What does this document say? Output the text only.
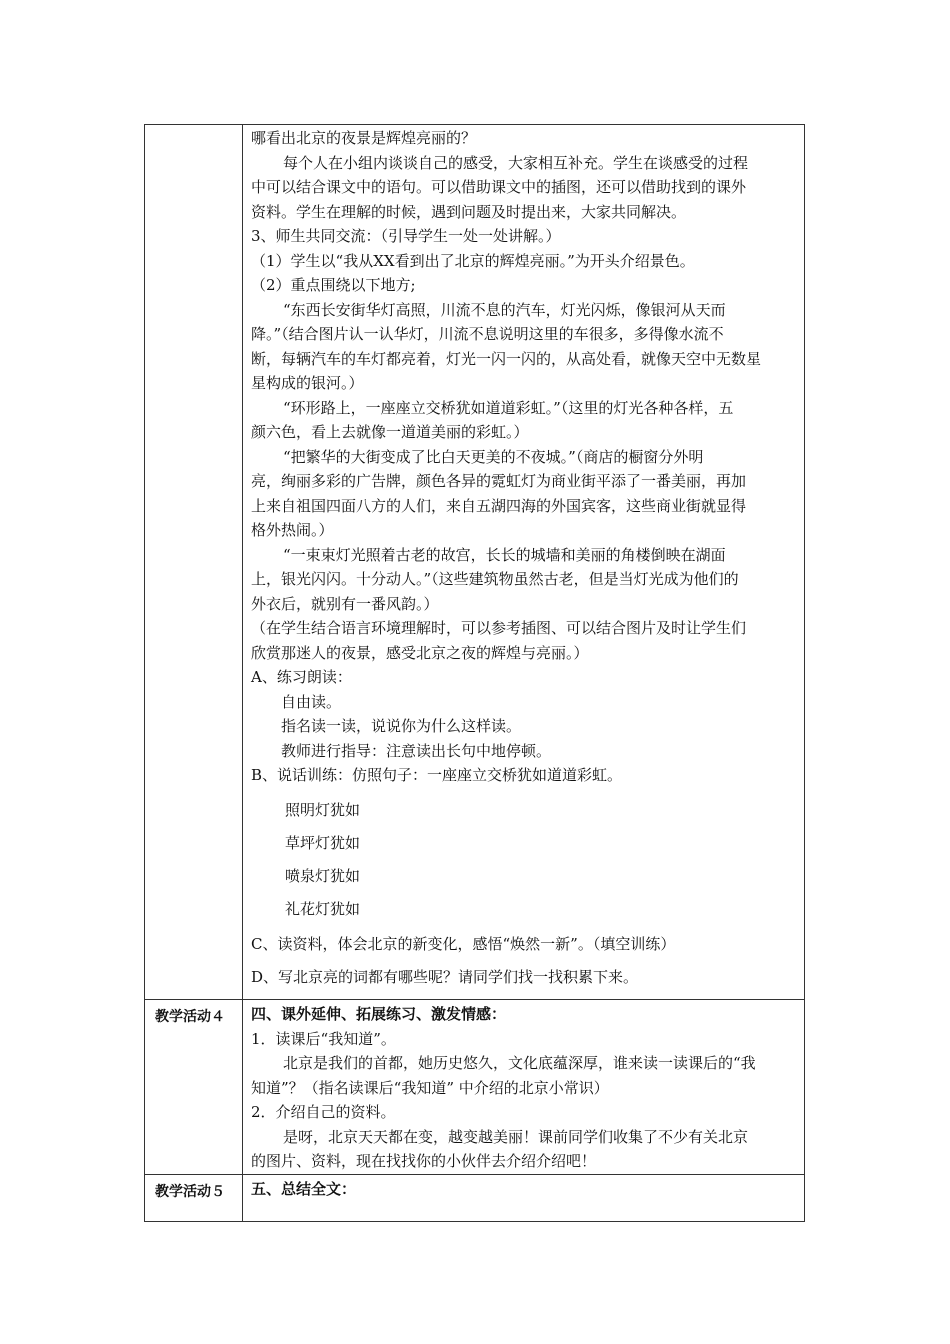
哪看出北京的夜景是辉煌亮丽的？
每个人在小组内谈谈自己的感受，大家相互补充。学生在谈感受的过程
中可以结合课文中的语句。可以借助课文中的插图，还可以借助找到的课外
资料。学生在理解的时候，遇到问题及时提出来，大家共同解决。
3、师生共同交流：（引导学生一处一处讲解。）
（1）学生以“我从XX看到出了北京的辉煌亮丽。”为开头介绍景色。
（2）重点围绕以下地方;
“东西长安街华灯高照，川流不息的汽车，灯光闪烁，像银河从天而
降。”（结合图片认一认华灯，川流不息说明这里的车很多，多得像水流不
断，每辆汽车的车灯都亮着，灯光一闪一闪的，从高处看，就像天空中无数星
星构成的银河。）
“环形路上，一座座立交桥犹如道道彩虹。”（这里的灯光各种各样，五
颜六色，看上去就像一道道美丽的彩虹。）
“把繁华的大街变成了比白天更美的不夜城。”（商店的橱窗分外明
亮，绚丽多彩的广告牌，颜色各异的霓虹灯为商业街平添了一番美丽，再加
上来自祖国四面八方的人们，来自五湖四海的外国宾客，这些商业街就显得
格外热闹。）
“一束束灯光照着古老的故宫，长长的城墙和美丽的角楼倒映在湖面
上，银光闪闪。十分动人。”（这些建筑物虽然古老，但是当灯光成为他们的
外衣后，就别有一番风韵。）
（在学生结合语言环境理解时，可以参考插图、可以结合图片及时让学生们
欣赏那迷人的夜景，感受北京之夜的辉煌与亮丽。）
A、练习朗读：
自由读。
指名读一读，说说你为什么这样读。
教师进行指导：注意读出长句中地停顿。
B、说话训练：仿照句子：一座座立交桥犹如道道彩虹。
照明灯犹如
草坪灯犹如
喷泉灯犹如
礼花灯犹如
C、读资料，体会北京的新变化，感悟“焕然一新”。（填空训练）
D、写北京亮的词都有哪些呢？请同学们找一找积累下来。
教学活动４	四、课外延伸、拓展练习、激发情感：
1．读课后“我知道”。
北京是我们的首都，她历史悠久，文化底蕴深厚，谁来读一读课后的“我
知道”？（指名读课后“我知道” 中介绍的北京小常识）
2．介绍自己的资料。
是呀，北京天天都在变，越变越美丽！课前同学们收集了不少有关北京
的图片、资料，现在找找你的小伙伴去介绍介绍吧！
教学活动５	五、总结全文：
